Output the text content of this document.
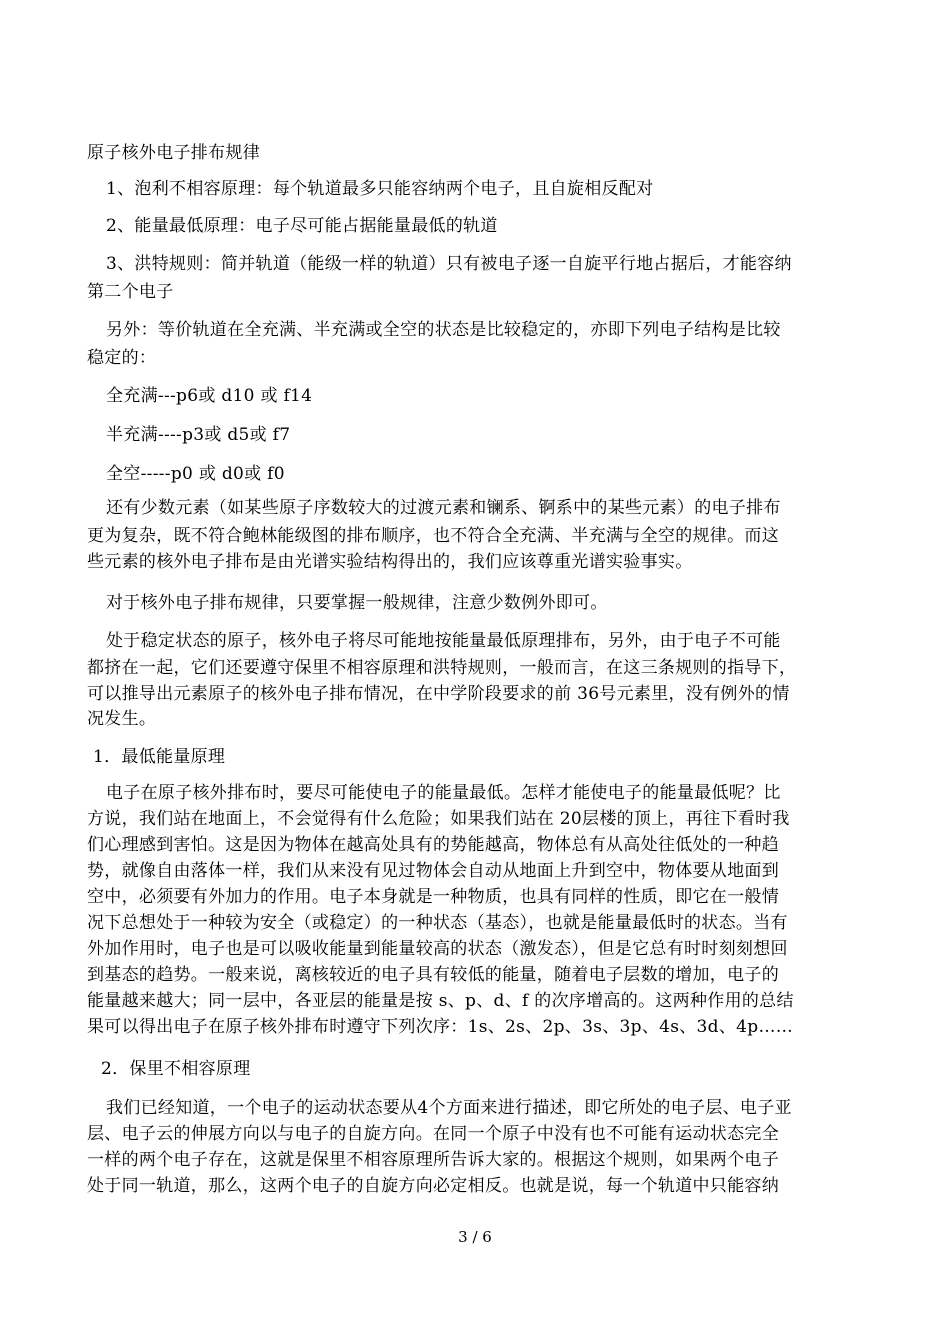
原子核外电子排布规律
1、泡利不相容原理：每个轨道最多只能容纳两个电子，且自旋相反配对
2、能量最低原理：电子尽可能占据能量最低的轨道
3、洪特规则：简并轨道（能级一样的轨道）只有被电子逐一自旋平行地占据后，才能容纳
第二个电子
另外：等价轨道在全充满、半充满或全空的状态是比较稳定的，亦即下列电子结构是比较
稳定的：
全充满---p6或 d10 或 f14
半充满----p3或 d5或 f7
全空-----p0 或 d0或 f0
还有少数元素（如某些原子序数较大的过渡元素和镧系、锕系中的某些元素）的电子排布
更为复杂，既不符合鲍林能级图的排布顺序，也不符合全充满、半充满与全空的规律。而这
些元素的核外电子排布是由光谱实验结构得出的，我们应该尊重光谱实验事实。
对于核外电子排布规律，只要掌握一般规律，注意少数例外即可。
处于稳定状态的原子，核外电子将尽可能地按能量最低原理排布，另外，由于电子不可能
都挤在一起，它们还要遵守保里不相容原理和洪特规则，一般而言，在这三条规则的指导下，
可以推导出元素原子的核外电子排布情况，在中学阶段要求的前 36号元素里，没有例外的情
况发生。
1．最低能量原理
电子在原子核外排布时，要尽可能使电子的能量最低。怎样才能使电子的能量最低呢？比
方说，我们站在地面上，不会觉得有什么危险；如果我们站在 20层楼的顶上，再往下看时我
们心理感到害怕。这是因为物体在越高处具有的势能越高，物体总有从高处往低处的一种趋
势，就像自由落体一样，我们从来没有见过物体会自动从地面上升到空中，物体要从地面到
空中，必须要有外加力的作用。电子本身就是一种物质，也具有同样的性质，即它在一般情
况下总想处于一种较为安全（或稳定）的一种状态（基态），也就是能量最低时的状态。当有
外加作用时，电子也是可以吸收能量到能量较高的状态（激发态），但是它总有时时刻刻想回
到基态的趋势。一般来说，离核较近的电子具有较低的能量，随着电子层数的增加，电子的
能量越来越大；同一层中，各亚层的能量是按 s、p、d、f 的次序增高的。这两种作用的总结
果可以得出电子在原子核外排布时遵守下列次序：1s、2s、2p、3s、3p、4s、3d、4p……
2．保里不相容原理
我们已经知道，一个电子的运动状态要从4个方面来进行描述，即它所处的电子层、电子亚
层、电子云的伸展方向以与电子的自旋方向。在同一个原子中没有也不可能有运动状态完全
一样的两个电子存在，这就是保里不相容原理所告诉大家的。根据这个规则，如果两个电子
处于同一轨道，那么，这两个电子的自旋方向必定相反。也就是说，每一个轨道中只能容纳
3 / 6
